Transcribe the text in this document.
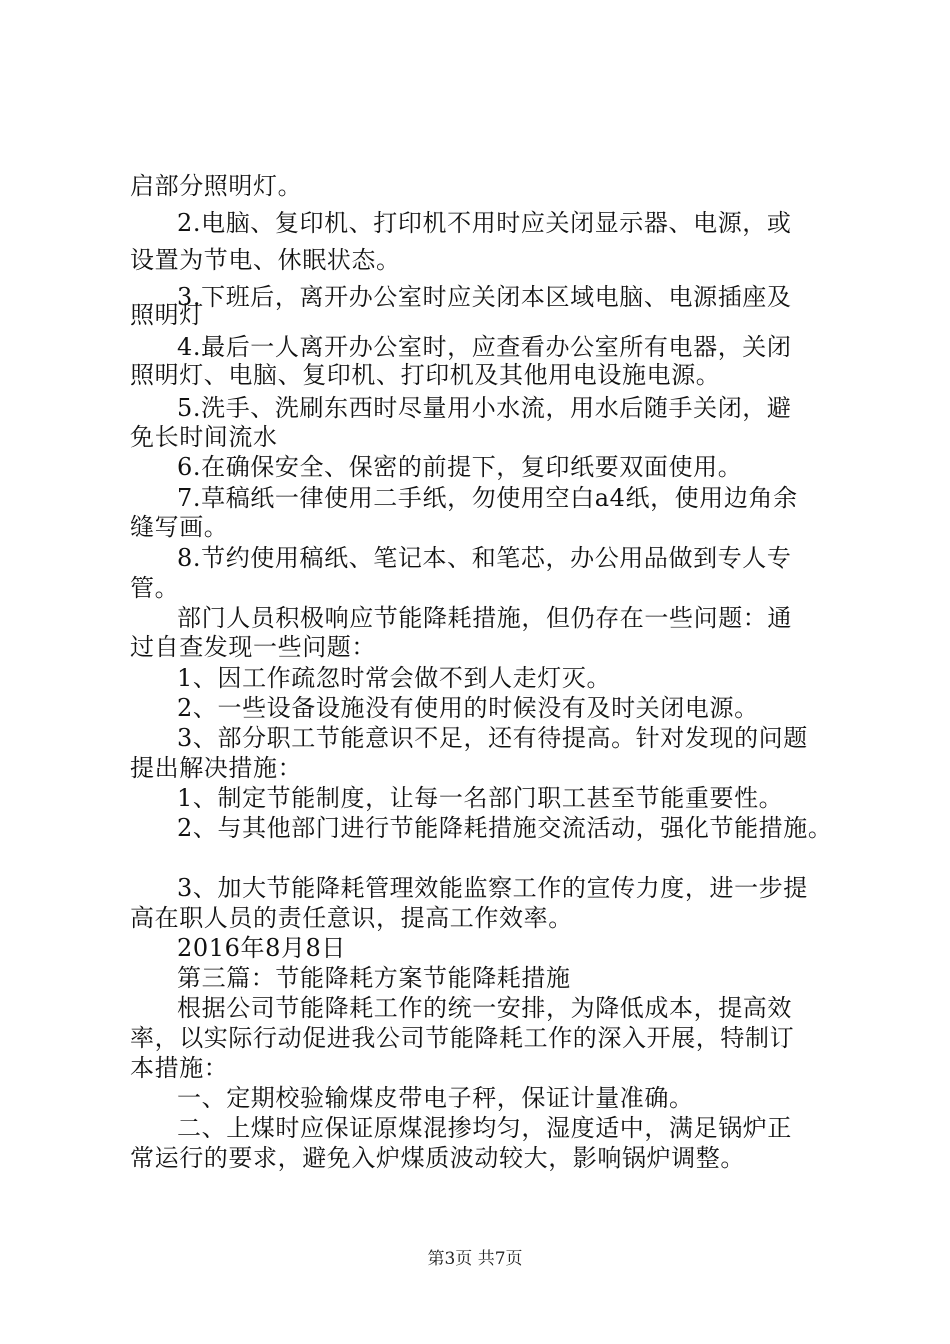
启部分照明灯。
2.电脑、复印机、打印机不用时应关闭显示器、电源，或
设置为节电、休眠状态。
3.下班后，离开办公室时应关闭本区域电脑、电源插座及
照明灯
4.最后一人离开办公室时，应查看办公室所有电器，关闭
照明灯、电脑、复印机、打印机及其他用电设施电源。
5.洗手、洗刷东西时尽量用小水流，用水后随手关闭，避
免长时间流水
6.在确保安全、保密的前提下，复印纸要双面使用。
7.草稿纸一律使用二手纸，勿使用空白a4纸，使用边角余
缝写画。
8.节约使用稿纸、笔记本、和笔芯，办公用品做到专人专
管。
部门人员积极响应节能降耗措施，但仍存在一些问题：通
过自查发现一些问题：
1、因工作疏忽时常会做不到人走灯灭。
2、一些设备设施没有使用的时候没有及时关闭电源。
3、部分职工节能意识不足，还有待提高。针对发现的问题
提出解决措施：
1、制定节能制度，让每一名部门职工甚至节能重要性。
2、与其他部门进行节能降耗措施交流活动，强化节能措施。
3、加大节能降耗管理效能监察工作的宣传力度，进一步提
高在职人员的责任意识，提高工作效率。
2016年8月8日
第三篇：节能降耗方案节能降耗措施
根据公司节能降耗工作的统一安排，为降低成本，提高效
率，以实际行动促进我公司节能降耗工作的深入开展，特制订
本措施：
一、定期校验输煤皮带电子秤，保证计量准确。
二、上煤时应保证原煤混掺均匀，湿度适中，满足锅炉正
常运行的要求，避免入炉煤质波动较大，影响锅炉调整。
第3页 共7页
